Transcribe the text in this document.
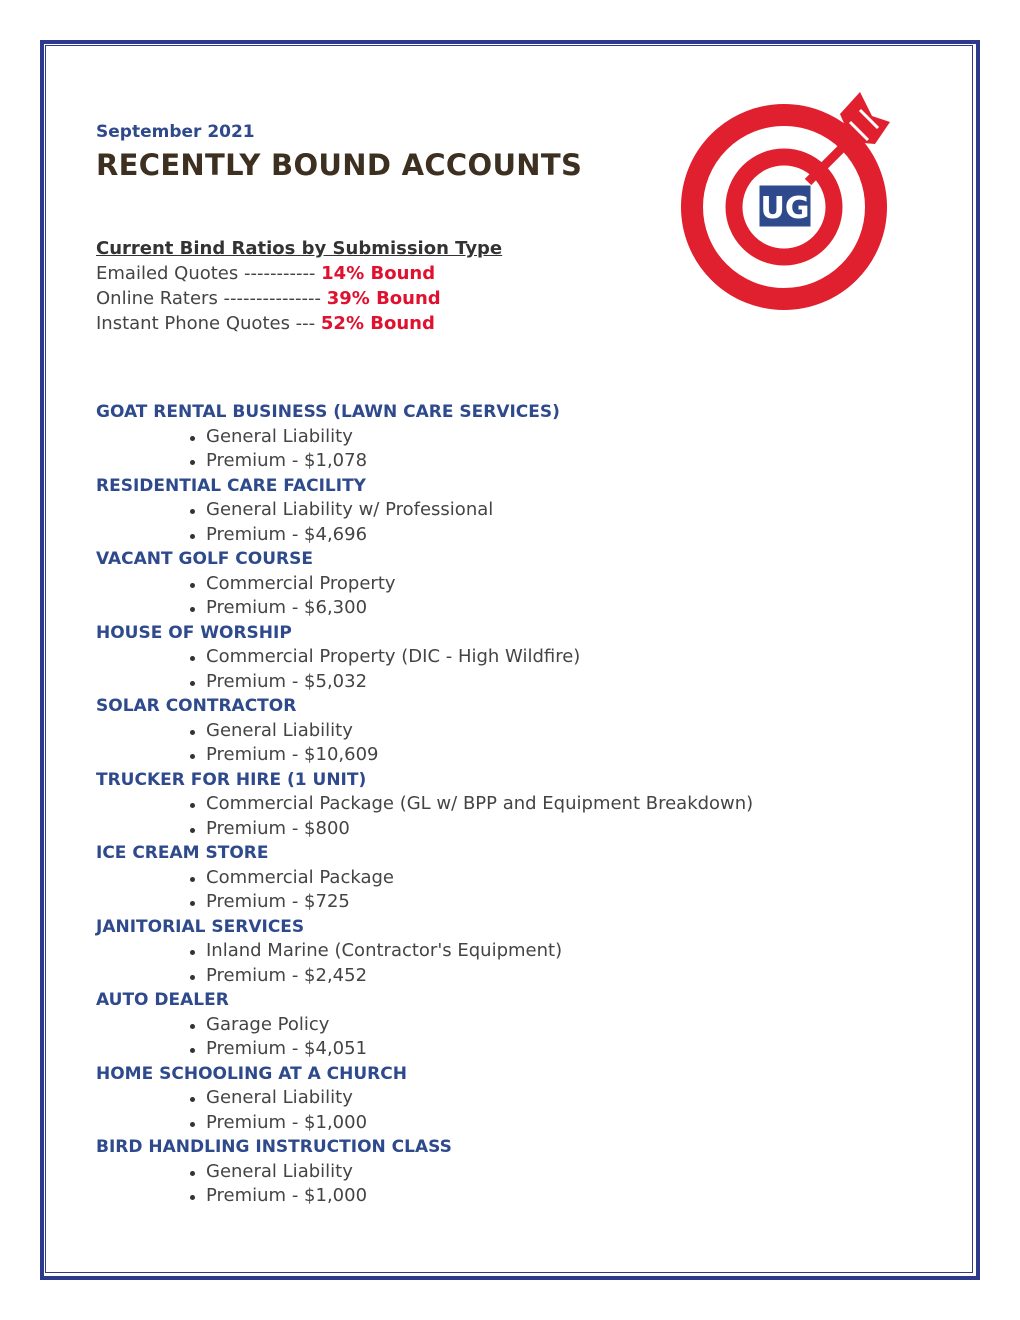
September 2021
RECENTLY BOUND ACCOUNTS
Current Bind Ratios by Submission Type
Emailed Quotes ----------- 14% Bound
Online Raters --------------- 39% Bound
Instant Phone Quotes --- 52% Bound
UG
GOAT RENTAL BUSINESS (LAWN CARE SERVICES)
General Liability
Premium - $1,078
RESIDENTIAL CARE FACILITY
General Liability w/ Professional
Premium - $4,696
VACANT GOLF COURSE
Commercial Property
Premium - $6,300
HOUSE OF WORSHIP
Commercial Property (DIC - High Wildfire)
Premium - $5,032
SOLAR CONTRACTOR
General Liability
Premium - $10,609
TRUCKER FOR HIRE (1 UNIT)
Commercial Package (GL w/ BPP and Equipment Breakdown)
Premium - $800
ICE CREAM STORE
Commercial Package
Premium - $725
JANITORIAL SERVICES
Inland Marine (Contractor's Equipment)
Premium - $2,452
AUTO DEALER
Garage Policy
Premium - $4,051
HOME SCHOOLING AT A CHURCH
General Liability
Premium - $1,000
BIRD HANDLING INSTRUCTION CLASS
General Liability
Premium - $1,000
